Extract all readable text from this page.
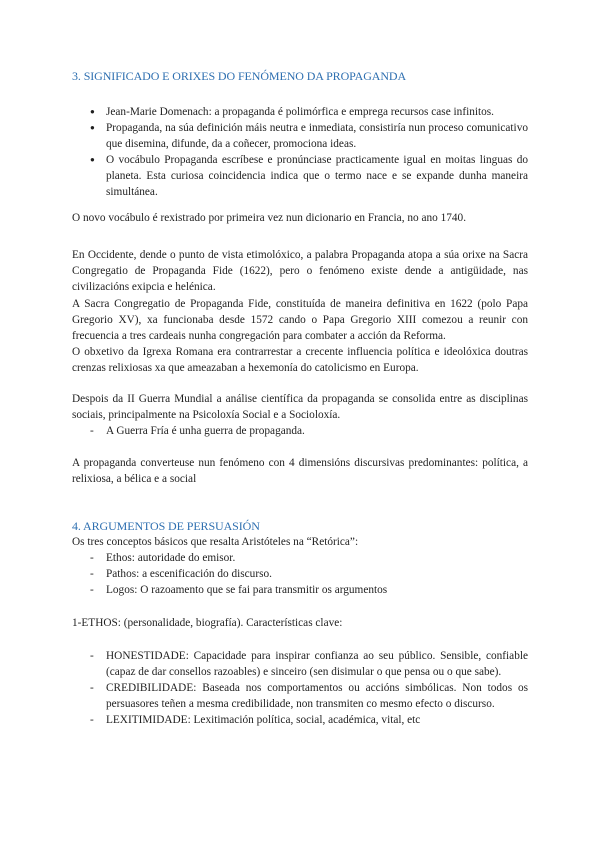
3. SIGNIFICADO E ORIXES DO FENÓMENO DA PROPAGANDA
● Jean-Marie Domenach: a propaganda é polimórfica e emprega recursos case infinitos.
● Propaganda, na súa definición máis neutra e inmediata, consistiría nun proceso comunicativo que disemina, difunde, da a coñecer, promociona ideas.
● O vocábulo Propaganda escríbese e pronúnciase practicamente igual en moitas linguas do planeta. Esta curiosa coincidencia indica que o termo nace e se expande dunha maneira simultánea.
O novo vocábulo é rexistrado por primeira vez nun dicionario en Francia, no ano 1740.
En Occidente, dende o punto de vista etimolóxico, a palabra Propaganda atopa a súa orixe na Sacra Congregatio de Propaganda Fide (1622), pero o fenómeno existe dende a antigüidade, nas civilizacións exipcia e helénica.
A Sacra Congregatio de Propaganda Fide, constituída de maneira definitiva en 1622 (polo Papa Gregorio XV), xa funcionaba desde 1572 cando o Papa Gregorio XIII comezou a reunir con frecuencia a tres cardeais nunha congregación para combater a acción da Reforma.
O obxetivo da Igrexa Romana era contrarrestar a crecente influencia política e ideolóxica doutras crenzas relixiosas xa que ameazaban a hexemonía do catolicismo en Europa.
Despois da II Guerra Mundial a análise científica da propaganda se consolida entre as disciplinas sociais, principalmente na Psicoloxía Social e a Socioloxía.
- A Guerra Fría é unha guerra de propaganda.
A propaganda converteuse nun fenómeno con 4 dimensións discursivas predominantes: política, a relixiosa, a bélica e a social
4. ARGUMENTOS DE PERSUASIÓN
Os tres conceptos básicos que resalta Aristóteles na “Retórica”:
- Ethos: autoridade do emisor.
- Pathos: a escenificación do discurso.
- Logos: O razoamento que se fai para transmitir os argumentos
1-ETHOS: (personalidade, biografía). Características clave:
- HONESTIDADE: Capacidade para inspirar confianza ao seu público. Sensible, confiable (capaz de dar consellos razoables) e sinceiro (sen disimular o que pensa ou o que sabe).
- CREDIBILIDADE: Baseada nos comportamentos ou accións simbólicas. Non todos os persuasores teñen a mesma credibilidade, non transmiten co mesmo efecto o discurso.
- LEXITIMIDADE: Lexitimación política, social, académica, vital, etc
